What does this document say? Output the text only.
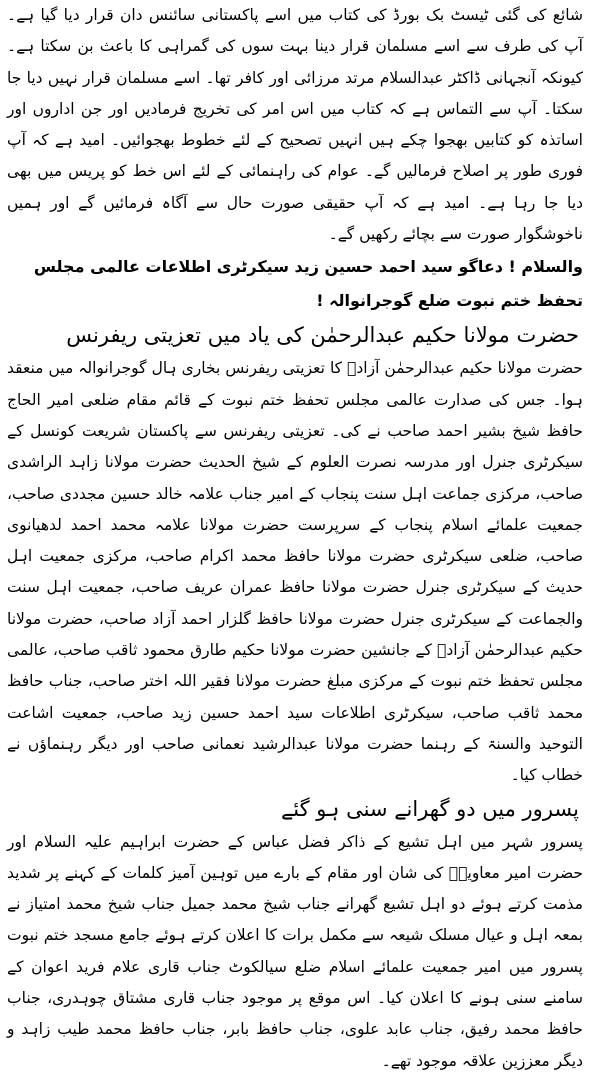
شائع کی گئی ٹیسٹ بک بورڈ کی کتاب میں اسے پاکستانی سائنس دان قرار دیا گیا ہے۔ آپ کی طرف سے اسے مسلمان قرار دینا بہت سوں کی گمراہی کا باعث بن سکتا ہے۔ کیونکہ آنجہانی ڈاکٹر عبدالسلام مرتد مرزائی اور کافر تھا۔ اسے مسلمان قرار نہیں دیا جا سکتا۔ آپ سے التماس ہے کہ کتاب میں اس امر کی تخریج فرمادیں اور جن اداروں اور اساتذہ کو کتابیں بھجوا چکے ہیں انہیں تصحیح کے لئے خطوط بھجوائیں۔ امید ہے کہ آپ فوری طور پر اصلاح فرمالیں گے۔ عوام کی راہنمائی کے لئے اس خط کو پریس میں بھی دیا جا رہا ہے۔ امید ہے کہ آپ حقیقی صورت حال سے آگاہ فرمائیں گے اور ہمیں ناخوشگوار صورت سے بچائے رکھیں گے۔

والسلام ! دعاگو سید احمد حسین زید سیکرٹری اطلاعات عالمی مجلس تحفظ ختم نبوت ضلع گوجرانوالہ !

حضرت مولانا حکیم عبدالرحمٰن کی یاد میں تعزیتی ریفرنس

حضرت مولانا حکیم عبدالرحمٰن آزادؒ کا تعزیتی ریفرنس بخاری ہال گوجرانوالہ میں منعقد ہوا۔ جس کی صدارت عالمی مجلس تحفظ ختم نبوت کے قائم مقام ضلعی امیر الحاج حافظ شیخ بشیر احمد صاحب نے کی۔ تعزیتی ریفرنس سے پاکستان شریعت کونسل کے سیکرٹری جنرل اور مدرسہ نصرت العلوم کے شیخ الحدیث حضرت مولانا زاہد الراشدی صاحب، مرکزی جماعت اہل سنت پنجاب کے امیر جناب علامہ خالد حسین مجددی صاحب، جمعیت علمائے اسلام پنجاب کے سرپرست حضرت مولانا علامہ محمد احمد لدھیانوی صاحب، ضلعی سیکرٹری حضرت مولانا حافظ محمد اکرام صاحب، مرکزی جمعیت اہل حدیث کے سیکرٹری جنرل حضرت مولانا حافظ عمران عریف صاحب، جمعیت اہل سنت والجماعت کے سیکرٹری جنرل حضرت مولانا حافظ گلزار احمد آزاد صاحب، حضرت مولانا حکیم عبدالرحمٰن آزادؒ کے جانشین حضرت مولانا حکیم طارق محمود ثاقب صاحب، عالمی مجلس تحفظ ختم نبوت کے مرکزی مبلغ حضرت مولانا فقیر اللہ اختر صاحب، جناب حافظ محمد ثاقب صاحب، سیکرٹری اطلاعات سید احمد حسین زید صاحب، جمعیت اشاعت التوحید والسنۃ کے رہنما حضرت مولانا عبدالرشید نعمانی صاحب اور دیگر رہنماؤں نے خطاب کیا۔

پسرور میں دو گھرانے سنی ہو گئے

پسرور شہر میں اہل تشیع کے ذاکر فضل عباس کے حضرت ابراہیم علیہ السلام اور حضرت امیر معاویہؓ کی شان اور مقام کے بارے میں توہین آمیز کلمات کے کہنے پر شدید مذمت کرتے ہوئے دو اہل تشیع گھرانے جناب شیخ محمد جمیل جناب شیخ محمد امتیاز نے بمعہ اہل و عیال مسلک شیعہ سے مکمل برات کا اعلان کرتے ہوئے جامع مسجد ختم نبوت پسرور میں امیر جمعیت علمائے اسلام ضلع سیالکوٹ جناب قاری علام فرید اعوان کے سامنے سنی ہونے کا اعلان کیا۔ اس موقع پر موجود جناب قاری مشتاق چوہدری، جناب حافظ محمد رفیق، جناب عابد علوی، جناب حافظ بابر، جناب حافظ محمد طیب زاہد و دیگر معززین علاقہ موجود تھے۔
